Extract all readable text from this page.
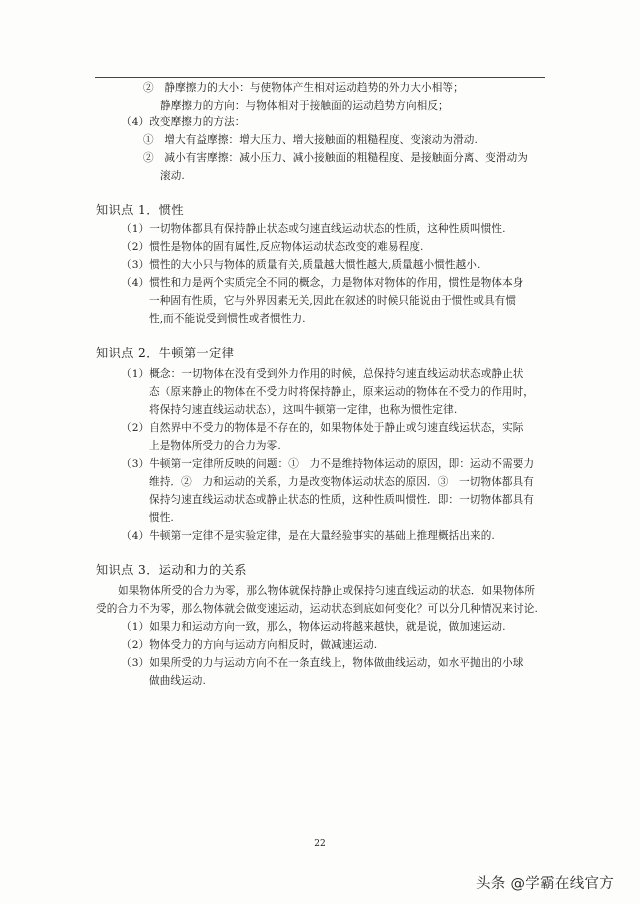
②　静摩擦力的大小：与使物体产生相对运动趋势的外力大小相等；
静摩擦力的方向：与物体相对于接触面的运动趋势方向相反；
（4）改变摩擦力的方法：
①　增大有益摩擦：增大压力、增大接触面的粗糙程度、变滚动为滑动.
②　减小有害摩擦：减小压力、减小接触面的粗糙程度、是接触面分离、变滑动为
滚动.
知识点 1．惯性
（1）一切物体都具有保持静止状态或匀速直线运动状态的性质，这种性质叫惯性.
（2）惯性是物体的固有属性,反应物体运动状态改变的难易程度.
（3）惯性的大小只与物体的质量有关,质量越大惯性越大,质量越小惯性越小.
（4）惯性和力是两个实质完全不同的概念，力是物体对物体的作用，惯性是物体本身
一种固有性质，它与外界因素无关,因此在叙述的时候只能说由于惯性或具有惯
性,而不能说受到惯性或者惯性力.
知识点 2．牛顿第一定律
（1）概念：一切物体在没有受到外力作用的时候，总保持匀速直线运动状态或静止状
态（原来静止的物体在不受力时将保持静止，原来运动的物体在不受力的作用时，
将保持匀速直线运动状态），这叫牛顿第一定律，也称为惯性定律.
（2）自然界中不受力的物体是不存在的，如果物体处于静止或匀速直线运状态，实际
上是物体所受力的合力为零.
（3）牛顿第一定律所反映的问题：①　力不是维持物体运动的原因，即：运动不需要力
维持．②　力和运动的关系，力是改变物体运动状态的原因．③　一切物体都具有
保持匀速直线运动状态或静止状态的性质，这种性质叫惯性．即：一切物体都具有
惯性.
（4）牛顿第一定律不是实验定律，是在大量经验事实的基础上推理概括出来的.
知识点 3．运动和力的关系
如果物体所受的合力为零，那么物体就保持静止或保持匀速直线运动的状态．如果物体所
受的合力不为零，那么物体就会做变速运动，运动状态到底如何变化？可以分几种情况来讨论.
（1）如果力和运动方向一致，那么，物体运动将越来越快，就是说，做加速运动.
（2）物体受力的方向与运动方向相反时，做减速运动.
（3）如果所受的力与运动方向不在一条直线上，物体做曲线运动，如水平抛出的小球
做曲线运动.
22
头条 @学霸在线官方
